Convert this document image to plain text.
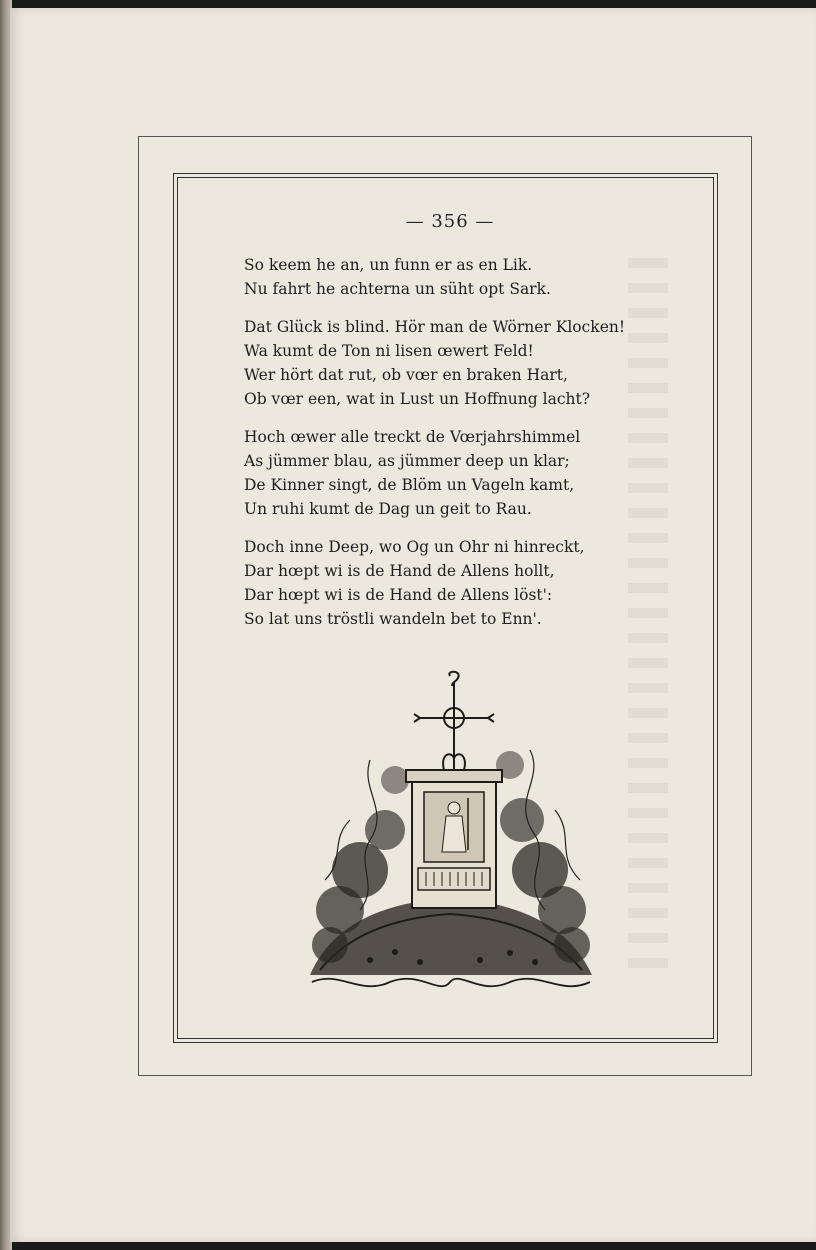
— 356 —
So keem he an, un funn er as en Lik.
Nu fahrt he achterna un süht opt Sark.
Dat Glück is blind. Hör man de Wörner Klocken!
Wa kumt de Ton ni lisen œwert Feld!
Wer hört dat rut, ob vœr en braken Hart,
Ob vœr een, wat in Lust un Hoffnung lacht?
Hoch œwer alle treckt de Vœrjahrshimmel
As jümmer blau, as jümmer deep un klar;
De Kinner singt, de Blöm un Vageln kamt,
Un ruhi kumt de Dag un geit to Rau.
Doch inne Deep, wo Og un Ohr ni hinreckt,
Dar hœpt wi is de Hand de Allens hollt,
Dar hœpt wi is de Hand de Allens löst':
So lat uns tröstli wandeln bet to Enn'.
